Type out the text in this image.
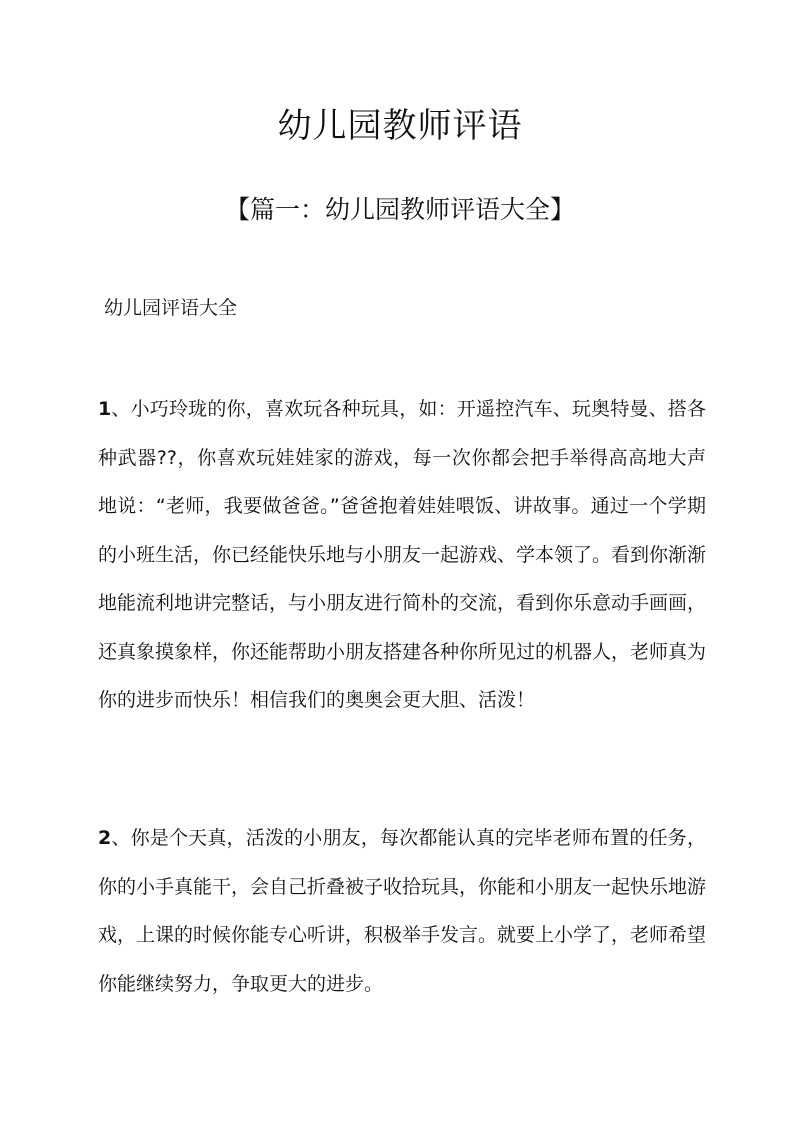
幼儿园教师评语
【篇一：幼儿园教师评语大全】

幼儿园评语大全

1、小巧玲珑的你，喜欢玩各种玩具，如：开遥控汽车、玩奥特曼、搭各种武器??，你喜欢玩娃娃家的游戏，每一次你都会把手举得高高地大声地说：“老师，我要做爸爸。”爸爸抱着娃娃喂饭、讲故事。通过一个学期的小班生活，你已经能快乐地与小朋友一起游戏、学本领了。看到你渐渐地能流利地讲完整话，与小朋友进行简朴的交流，看到你乐意动手画画，还真象摸象样，你还能帮助小朋友搭建各种你所见过的机器人，老师真为你的进步而快乐！相信我们的奥奥会更大胆、活泼！

2、你是个天真，活泼的小朋友，每次都能认真的完毕老师布置的任务，你的小手真能干，会自己折叠被子收拾玩具，你能和小朋友一起快乐地游戏，上课的时候你能专心听讲，积极举手发言。就要上小学了，老师希望你能继续努力，争取更大的进步。
